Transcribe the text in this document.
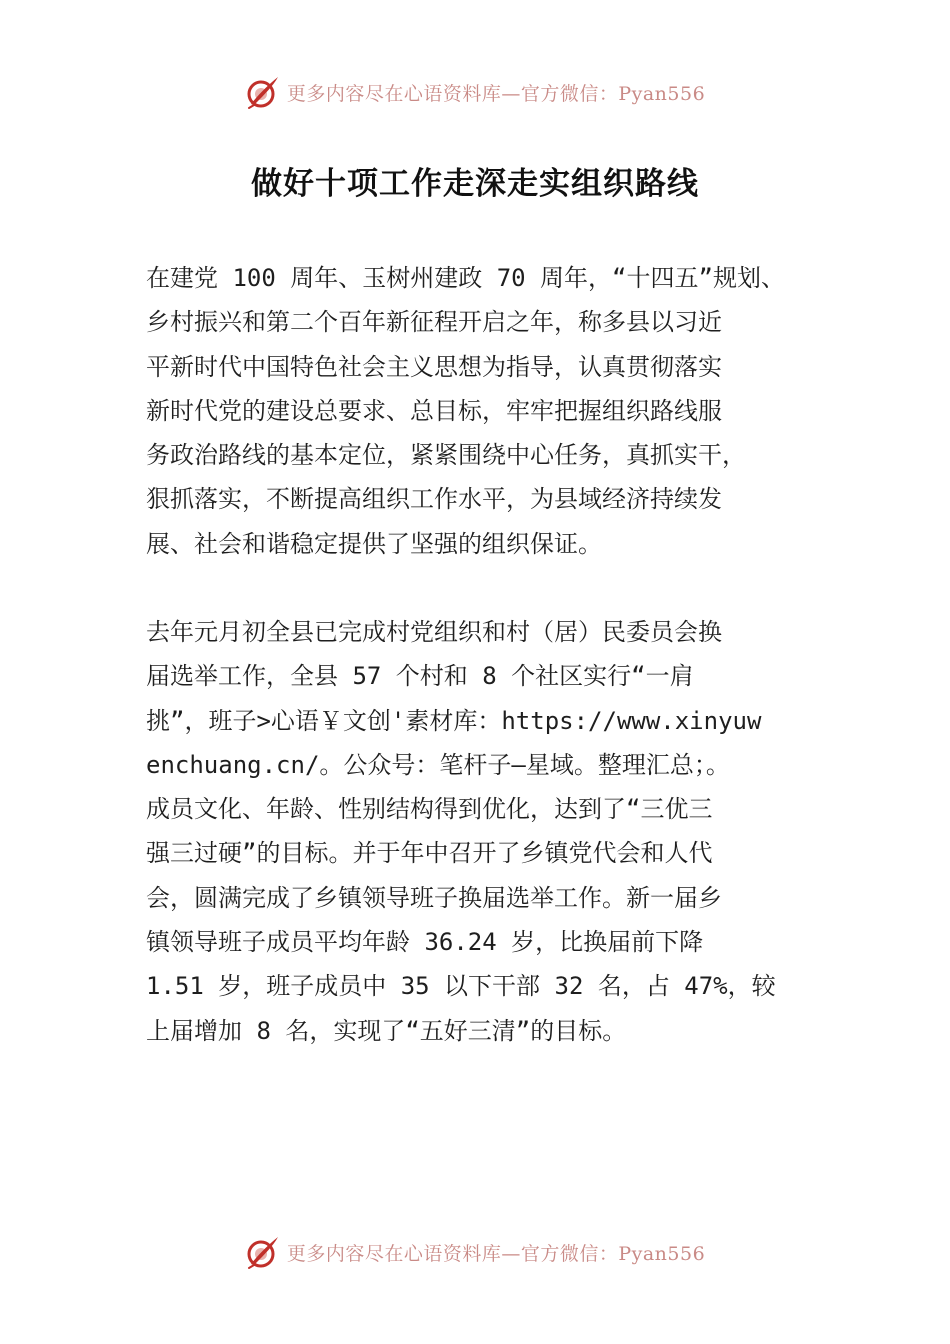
更多内容尽在心语资料库—官方微信：Pyan556
做好十项工作走深走实组织路线
在建党 100 周年、玉树州建政 70 周年，“十四五”规划、
乡村振兴和第二个百年新征程开启之年，称多县以习近
平新时代中国特色社会主义思想为指导，认真贯彻落实
新时代党的建设总要求、总目标，牢牢把握组织路线服
务政治路线的基本定位，紧紧围绕中心任务，真抓实干，
狠抓落实，不断提高组织工作水平，为县域经济持续发
展、社会和谐稳定提供了坚强的组织保证。
去年元月初全县已完成村党组织和村（居）民委员会换
届选举工作，全县 57 个村和 8 个社区实行“一肩
挑”，班子>心语￥文创'素材库：https://www.xinyuw
enchuang.cn/。公众号：笔杆子—星域。整理汇总；。
成员文化、年龄、性别结构得到优化，达到了“三优三
强三过硬”的目标。并于年中召开了乡镇党代会和人代
会，圆满完成了乡镇领导班子换届选举工作。新一届乡
镇领导班子成员平均年龄 36.24 岁，比换届前下降
1.51 岁，班子成员中 35 以下干部 32 名，占 47%，较
上届增加 8 名，实现了“五好三清”的目标。
更多内容尽在心语资料库—官方微信：Pyan556
